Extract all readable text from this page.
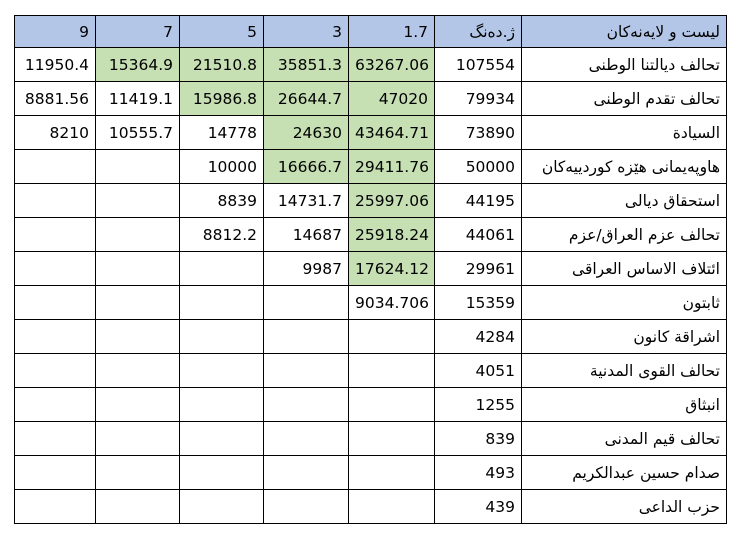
9	7	5	3	1.7	ژ.دەنگ	لیست و لایەنەکان
11950.4	15364.9	21510.8	35851.3	63267.06	107554	تحالف ديالتنا الوطنى
8881.56	11419.1	15986.8	26644.7	47020	79934	تحالف تقدم الوطنى
8210	10555.7	14778	24630	43464.71	73890	السيادة
		10000	16666.7	29411.76	50000	هاوپەیمانی هێزە کوردییەکان
		8839	14731.7	25997.06	44195	استحقاق ديالى
		8812.2	14687	25918.24	44061	تحالف عزم العراق/عزم
			9987	17624.12	29961	ائتلاف الاساس العراقى
				9034.706	15359	ثابتون
					4284	اشراقة كانون
					4051	تحالف القوى المدنية
					1255	انبثاق
					839	تحالف قيم المدنى
					493	صدام حسين عبدالكريم
					439	حزب الداعى
